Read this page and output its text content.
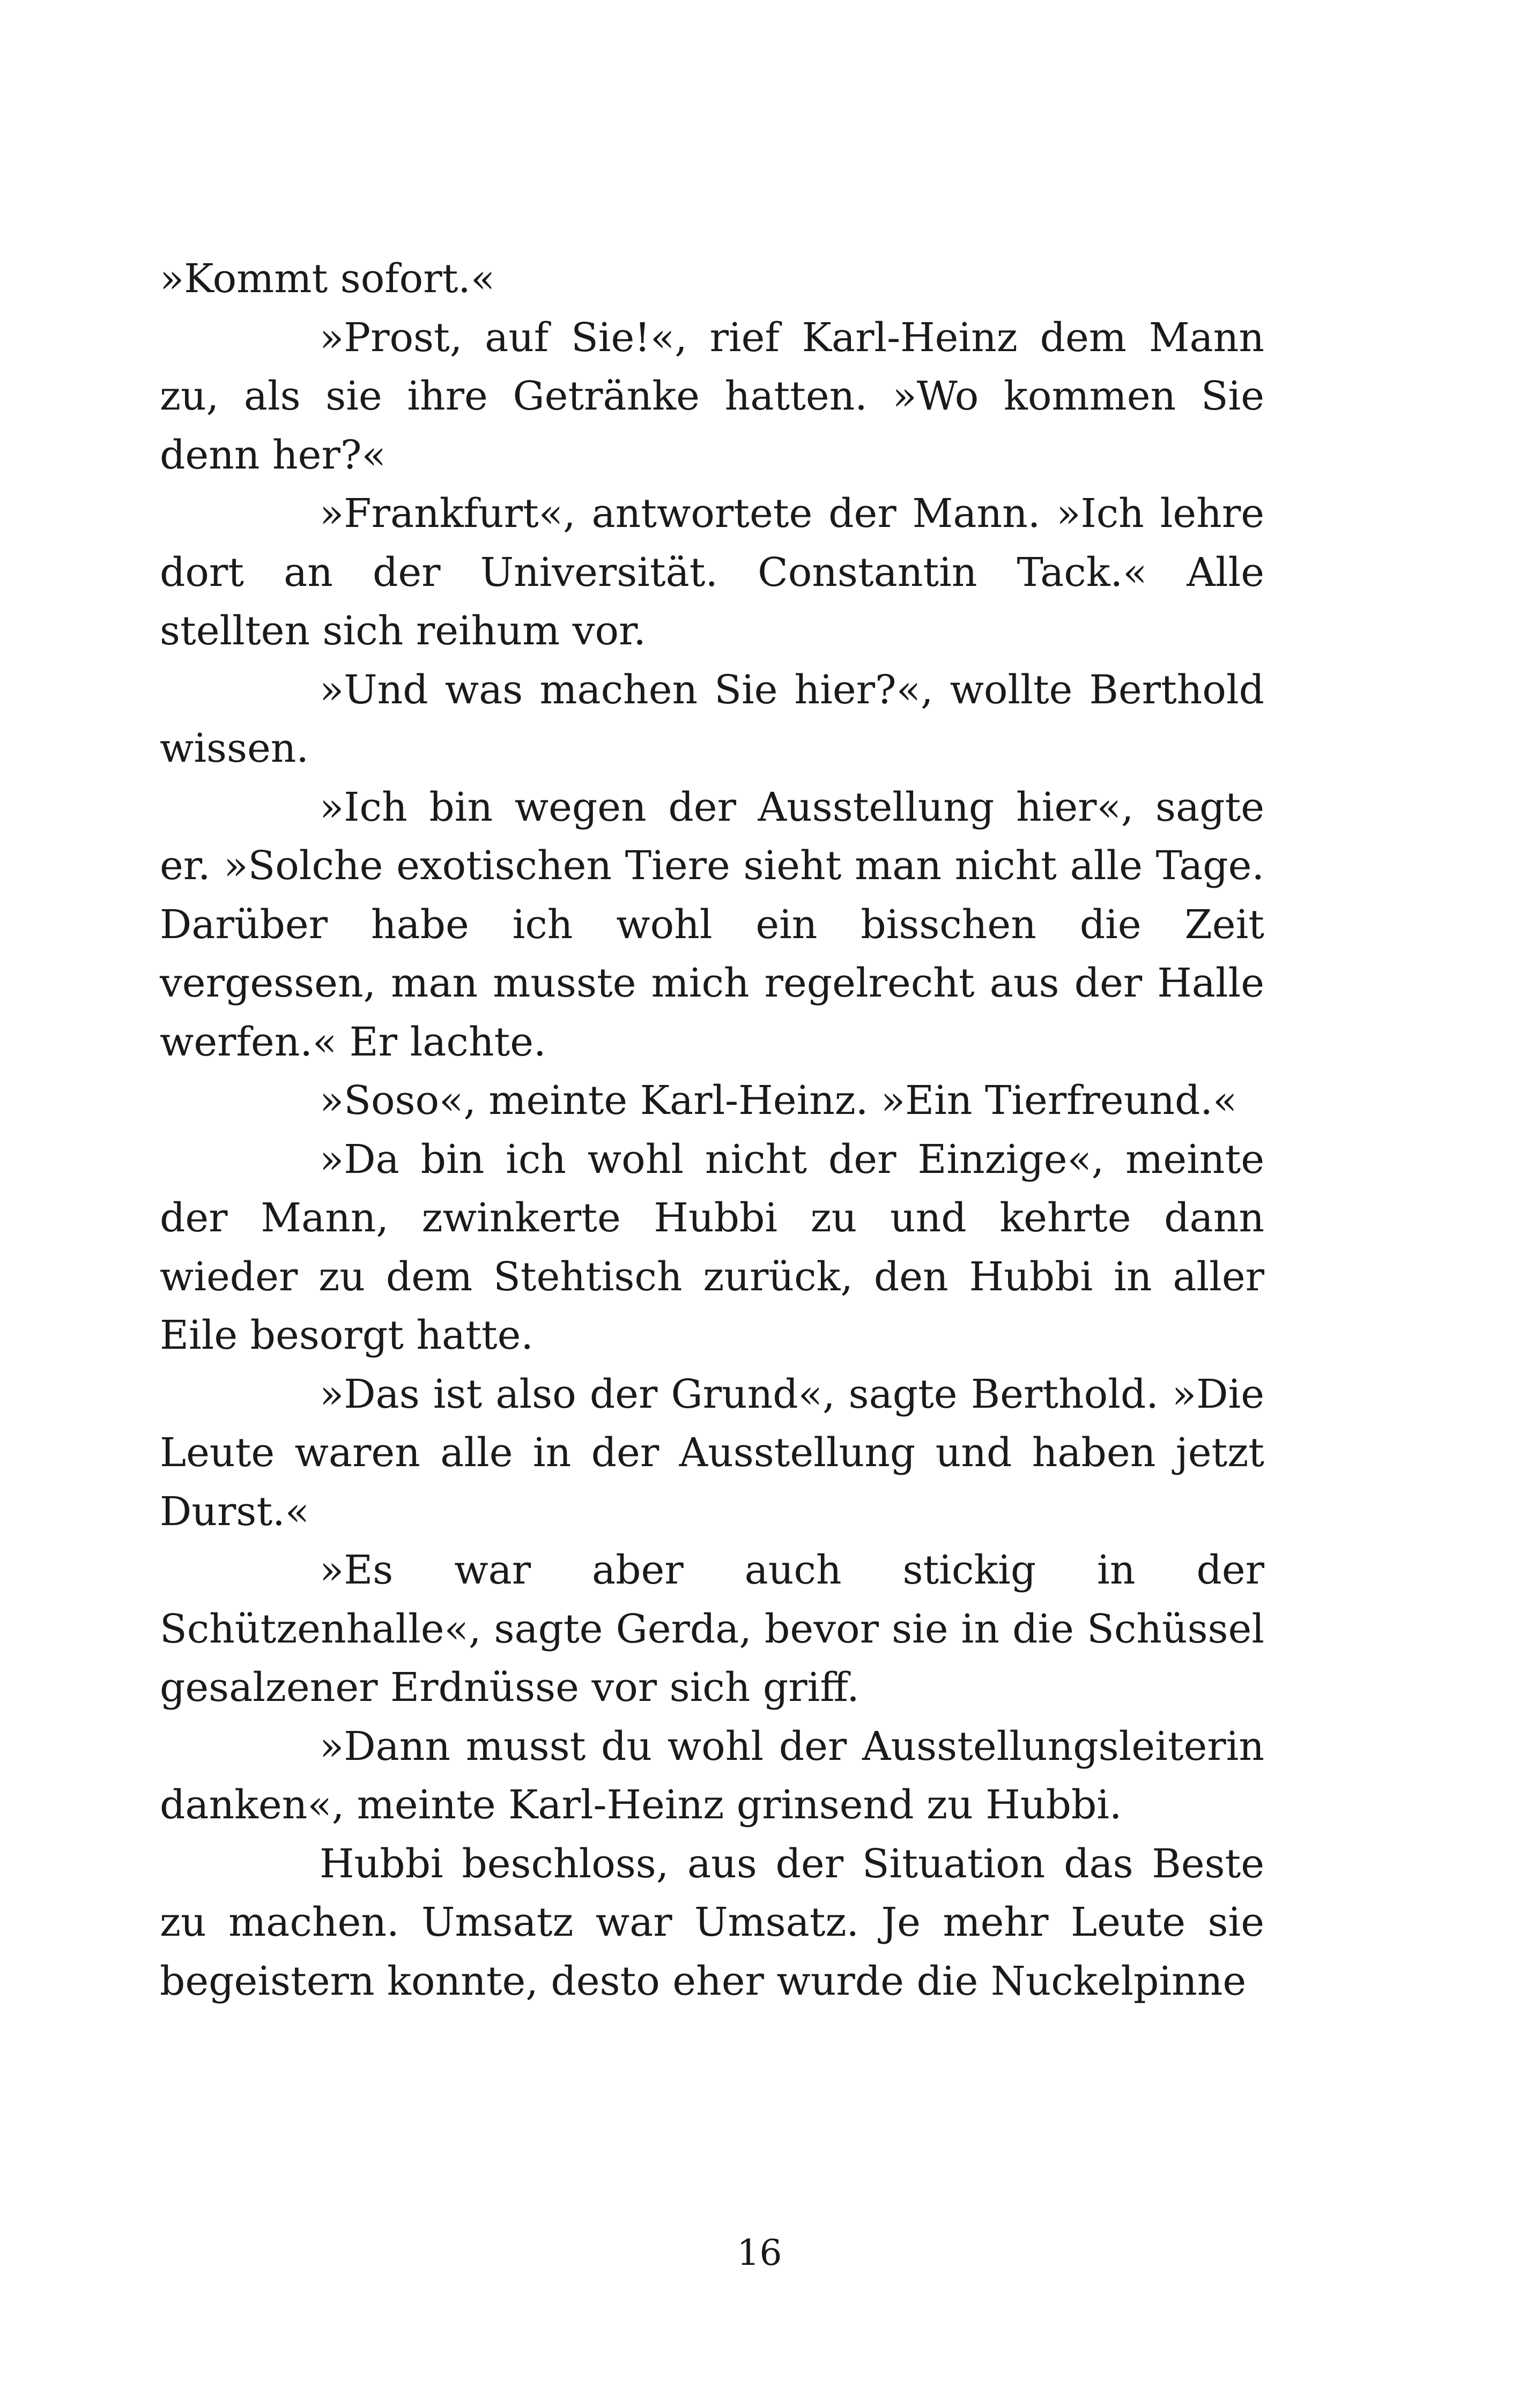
»Kommt sofort.«

»Prost, auf Sie!«, rief Karl-Heinz dem Mann zu, als sie ihre Getränke hatten. »Wo kommen Sie denn her?«

»Frankfurt«, antwortete der Mann. »Ich lehre dort an der Universität. Constantin Tack.« Alle stellten sich reihum vor.

»Und was machen Sie hier?«, wollte Berthold wissen.

»Ich bin wegen der Ausstellung hier«, sagte er. »Solche exotischen Tiere sieht man nicht alle Tage. Darüber habe ich wohl ein bisschen die Zeit vergessen, man musste mich regelrecht aus der Halle werfen.« Er lachte.

»Soso«, meinte Karl-Heinz. »Ein Tierfreund.«

»Da bin ich wohl nicht der Einzige«, meinte der Mann, zwinkerte Hubbi zu und kehrte dann wieder zu dem Stehtisch zurück, den Hubbi in aller Eile besorgt hatte.

»Das ist also der Grund«, sagte Berthold. »Die Leute waren alle in der Ausstellung und haben jetzt Durst.«

»Es war aber auch stickig in der Schützenhalle«, sagte Gerda, bevor sie in die Schüssel gesalzener Erdnüsse vor sich griff.

»Dann musst du wohl der Ausstellungsleiterin danken«, meinte Karl-Heinz grinsend zu Hubbi.

Hubbi beschloss, aus der Situation das Beste zu machen. Umsatz war Umsatz. Je mehr Leute sie begeistern konnte, desto eher wurde die Nuckelpinne

16
